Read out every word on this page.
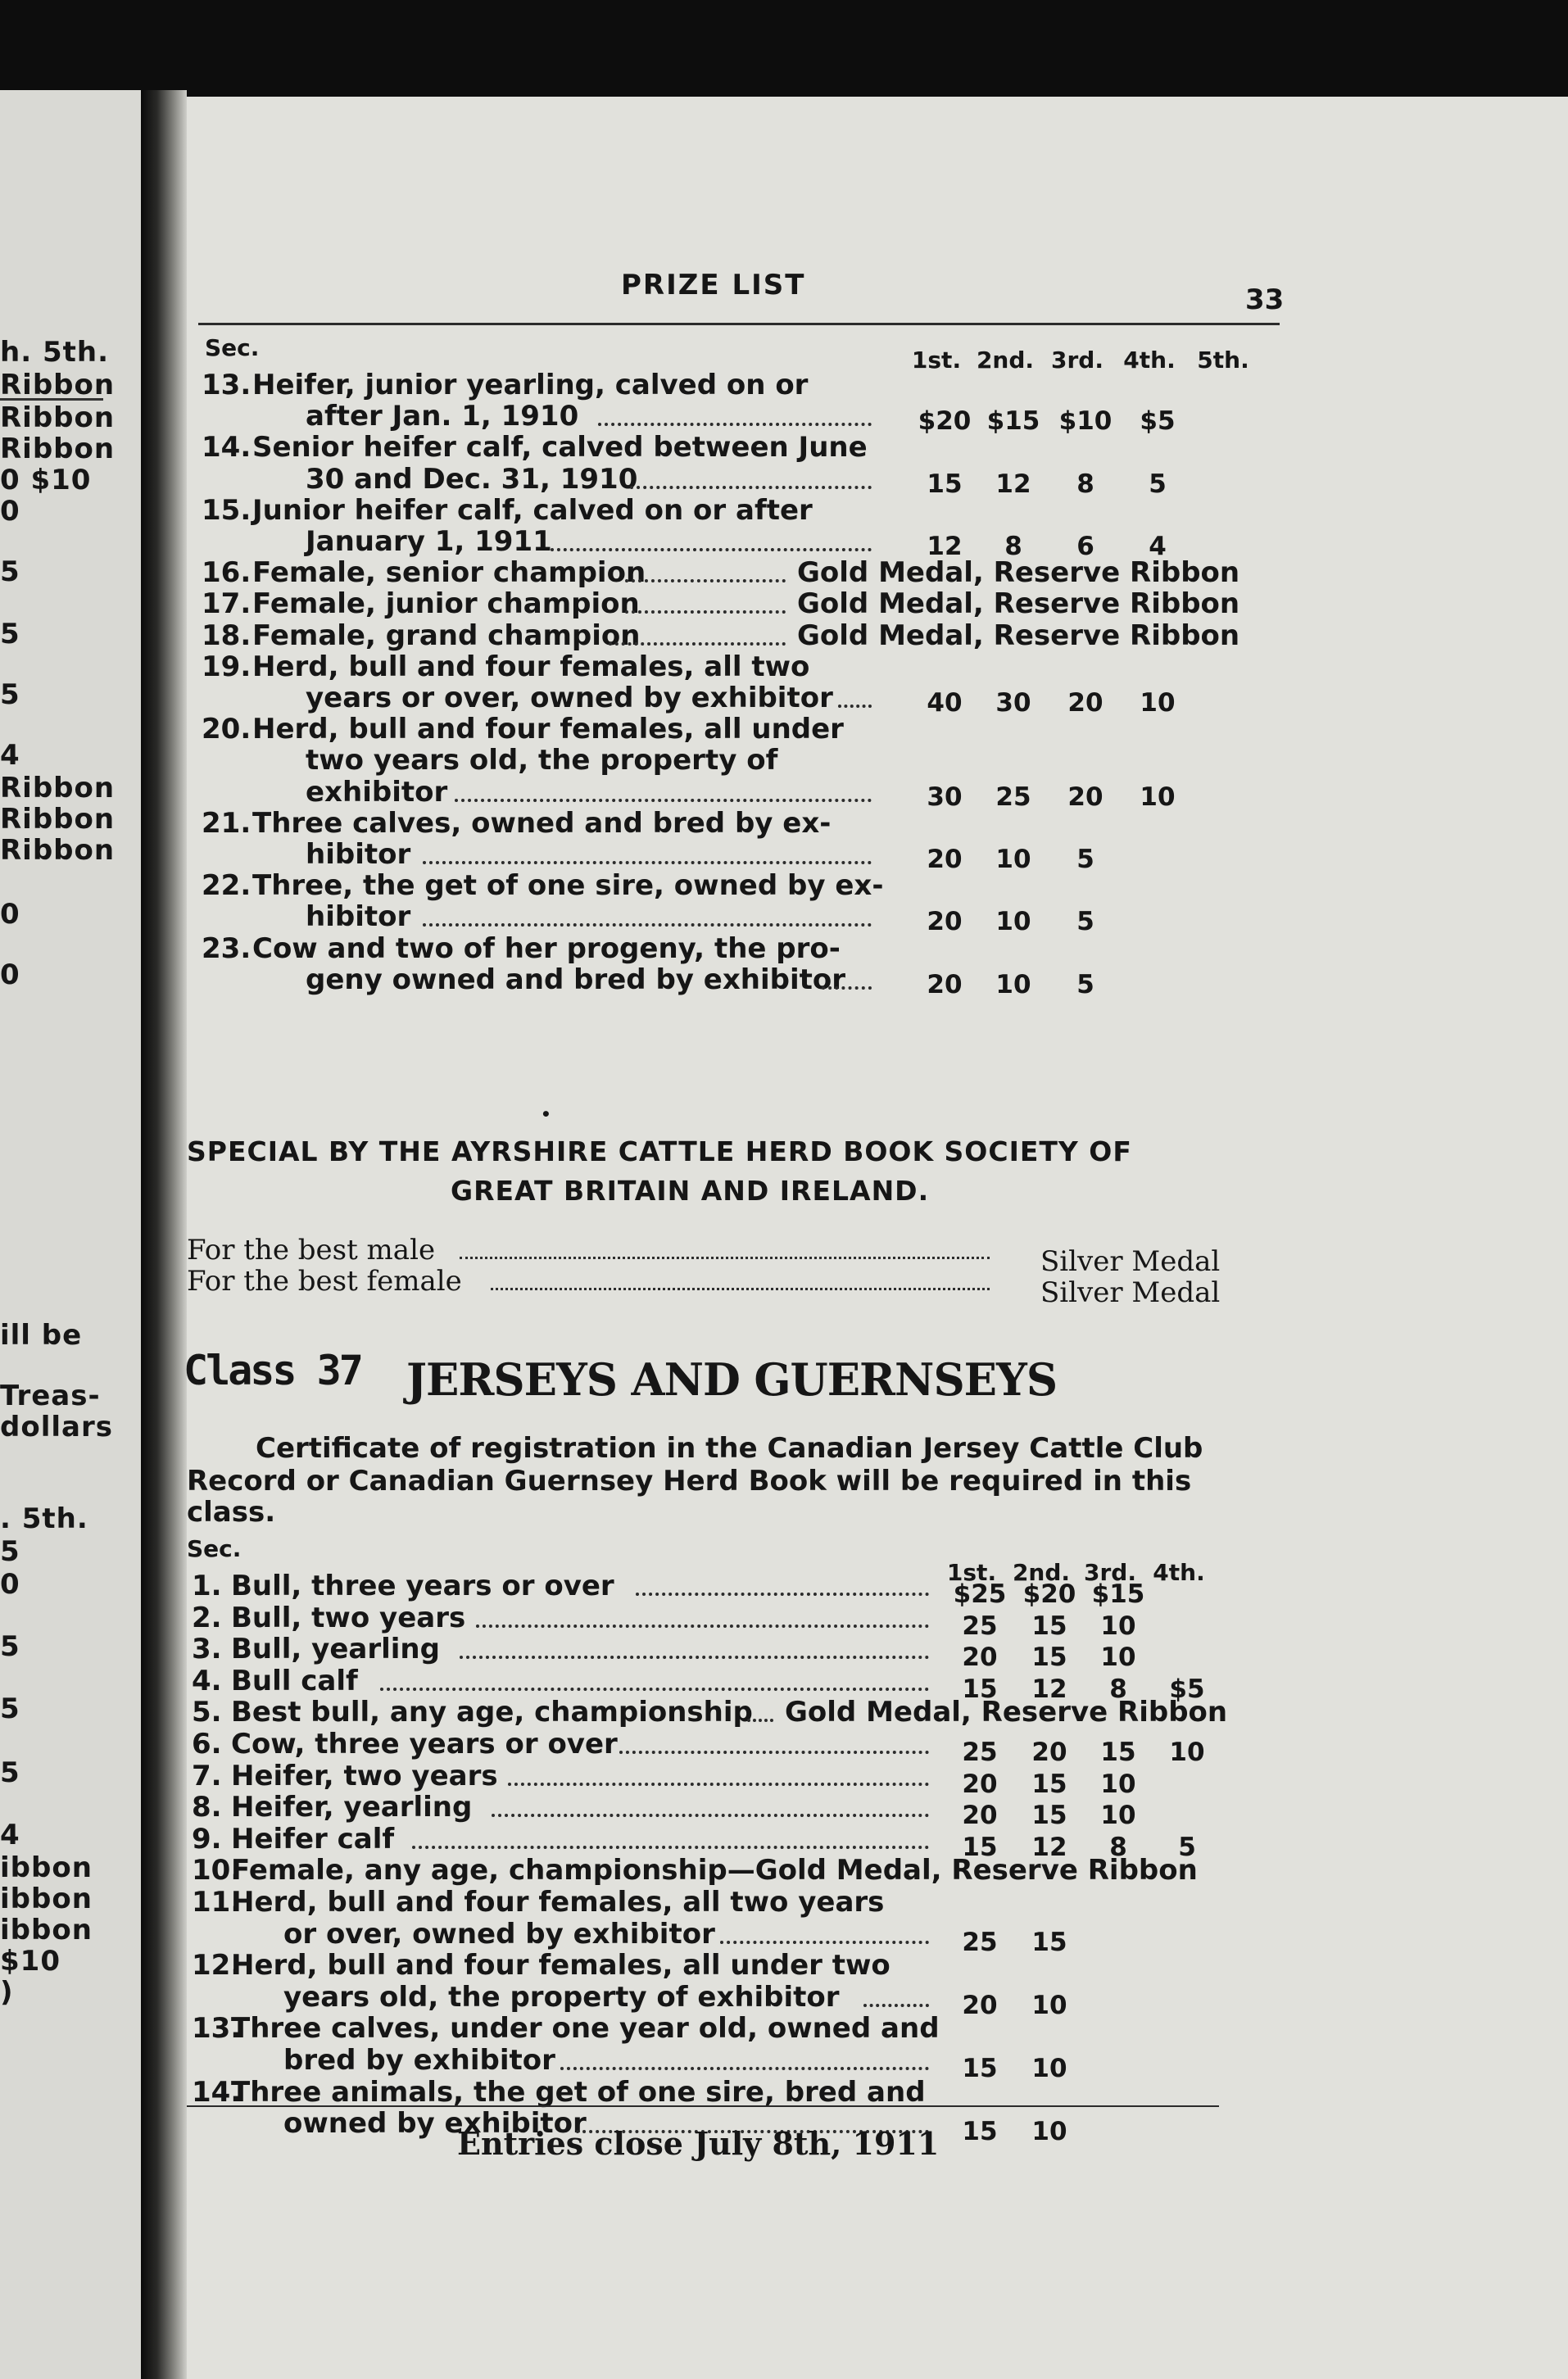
h. 5th.
Ribbon
Ribbon
Ribbon
0 $10
0
5
5
5
4
Ribbon
Ribbon
Ribbon
0
0
ill be
Treas-
dollars
. 5th.
5
0
5
5
5
4
ibbon
ibbon
ibbon
$10
)
PRIZE LIST	33
Sec.	1st. 2nd. 3rd. 4th. 5th.
13. Heifer, junior yearling, calved on or
after Jan. 1, 1910	$20 $15 $10	$5
14. Senior heifer calf, calved between June
30 and Dec. 31, 1910	15	12	8	5
15. Junior heifer calf, calved on or after
January 1, 1911	12	8	6	4
16. Female, senior champion	Gold Medal, Reserve Ribbon
17. Female, junior champion	Gold Medal, Reserve Ribbon
18. Female, grand champion	Gold Medal, Reserve Ribbon
19. Herd, bull and four females, all two
years or over, owned by exhibitor	40	30	20	10
20. Herd, bull and four females, all under
two years old, the property of
exhibitor	30	25	20	10
21. Three calves, owned and bred by ex-
hibitor	20	10	5
22. Three, the get of one sire, owned by ex-
hibitor	20	10	5
23. Cow and two of her progeny, the pro-
geny owned and bred by exhibitor	20	10	5
SPECIAL BY THE AYRSHIRE CATTLE HERD BOOK SOCIETY OF
GREAT BRITAIN AND IRELAND.
•
For the best male	Silver Medal
For the best female	Silver Medal
Class 37 JERSEYS AND GUERNSEYS
Certificate of registration in the Canadian Jersey Cattle Club
Record or Canadian Guernsey Herd Book will be required in this
class.
Sec.
1st. 2nd. 3rd. 4th.
1. Bull, three years or over	$25 $20 $15
2. Bull, two years	25	15	10
3. Bull, yearling	20	15	10
4. Bull calf	15	12	8	$5
5. Best bull, any age, championship Gold Medal, Reserve Ribbon
6. Cow, three years or over	25	20	15	10
7. Heifer, two years	20	15	10
8. Heifer, yearling	20	15	10
9. Heifer calf	15	12	8	5
10.
Female, any age, championship—Gold Medal, Reserve Ribbon
11.
Herd, bull and four females, all two years
or over, owned by exhibitor	25	15
12.
Herd, bull and four females, all under two
years old, the property of exhibitor	20	10
13.
Three calves, under one year old, owned and
bred by exhibitor	15	10
14.
Three animals, the get of one sire, bred and
owned by exhibitor	15	10
Entries close July 8th, 1911
